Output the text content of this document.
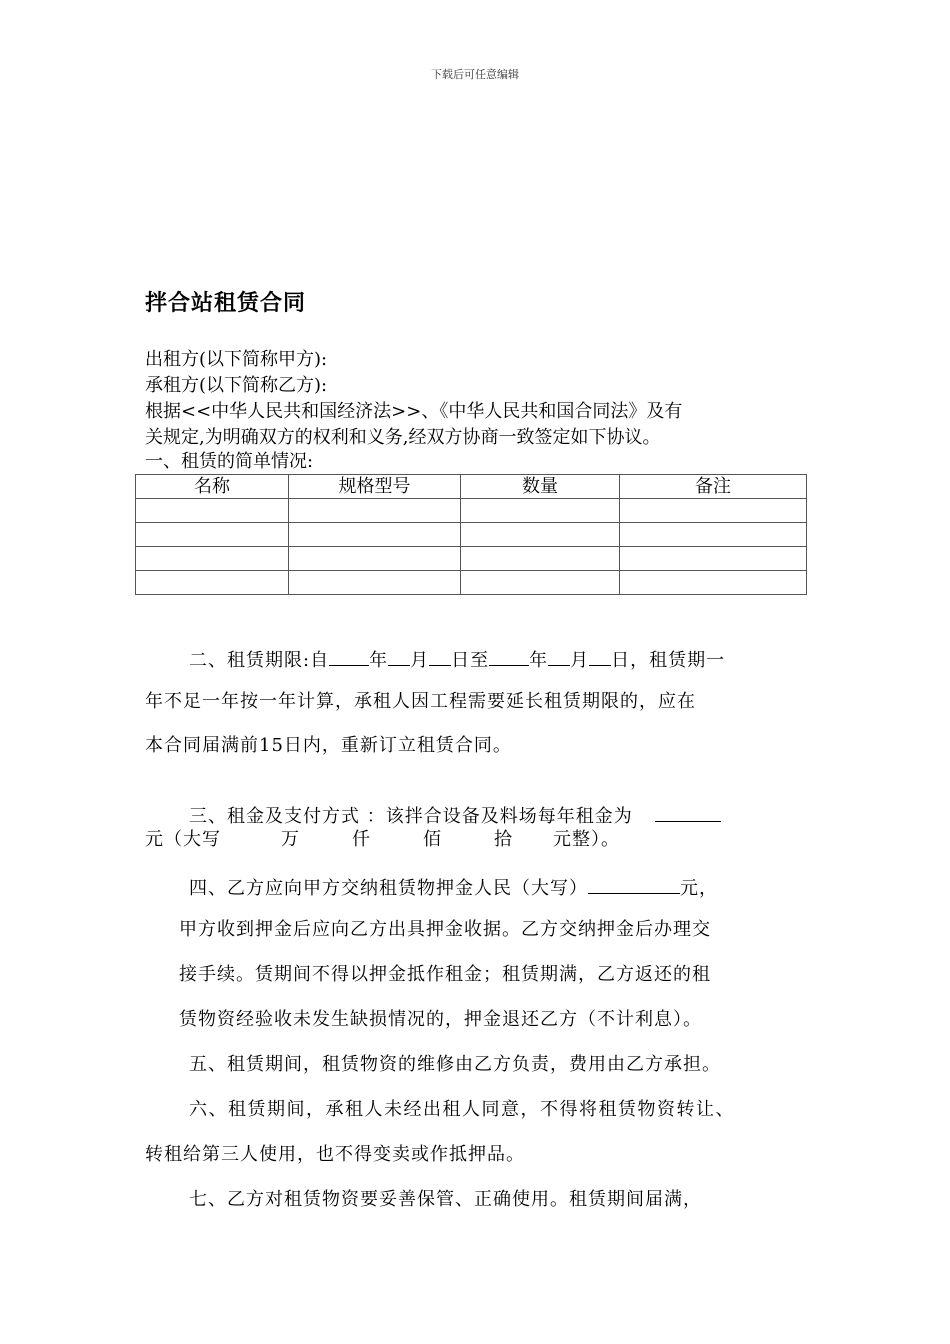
下载后可任意编辑
拌合站租赁合同
出租方(以下简称甲方):
承租方(以下简称乙方):
根据<<中华人民共和国经济法>>、《中华人民共和国合同法》及有
关规定,为明确双方的权利和义务,经双方协商一致签定如下协议。
一、租赁的简单情况:
名称	规格型号	数量	备注

二、租赁期限:自 年 月 日至 年 月 日，租赁期一
年不足一年按一年计算，承租人因工程需要延长租赁期限的，应在
本合同届满前15日内，重新订立租赁合同。
三、租金及支付方式 ：该拌合设备及料场每年租金为
元（大写	万	仟	佰	拾 元整）。
四、乙方应向甲方交纳租赁物押金人民（大写）	元，
甲方收到押金后应向乙方出具押金收据。乙方交纳押金后办理交
接手续。赁期间不得以押金抵作租金；租赁期满，乙方返还的租
赁物资经验收未发生缺损情况的，押金退还乙方（不计利息）。
五、租赁期间，租赁物资的维修由乙方负责，费用由乙方承担。
六、租赁期间，承租人未经出租人同意，不得将租赁物资转让、
转租给第三人使用，也不得变卖或作抵押品。
七、乙方对租赁物资要妥善保管、正确使用。租赁期间届满，
